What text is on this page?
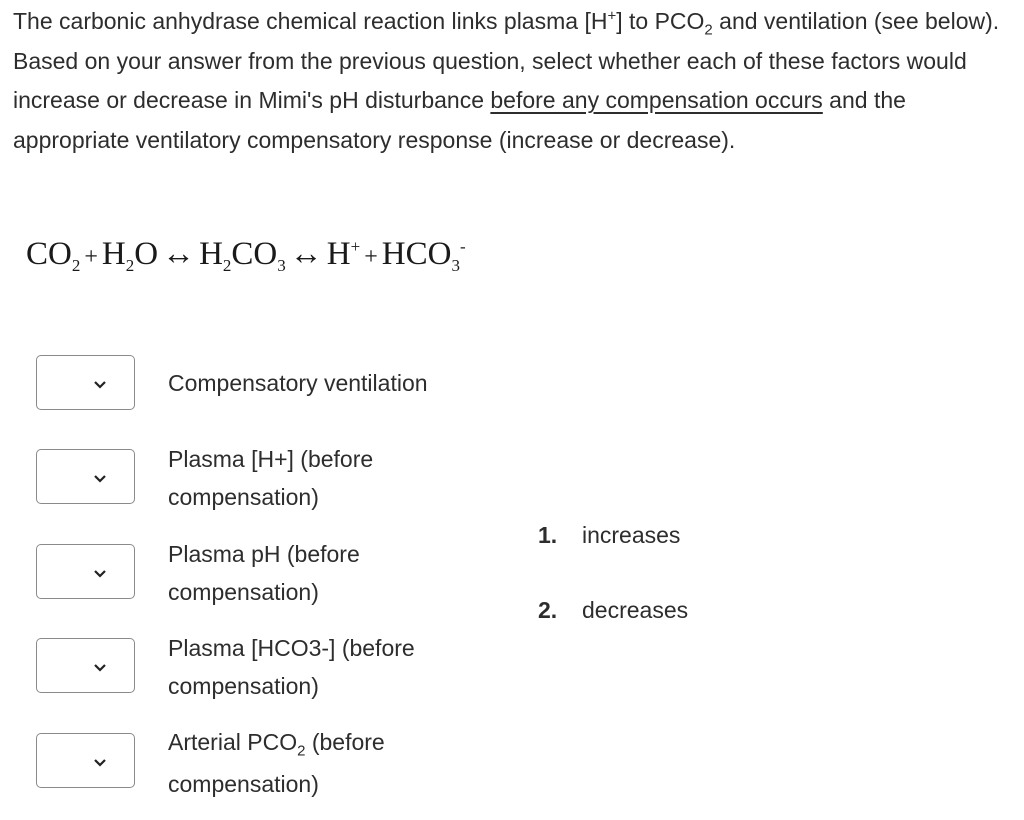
The carbonic anhydrase chemical reaction links plasma [H+] to $PCO_2$ and ventilation (see below). Based on your answer from the previous question, select whether each of these factors would increase or decrease in Mimi's pH disturbance before any compensation occurs and the appropriate ventilatory compensatory response (increase or decrease).
$CO_2 + H_2O$ ↔ $H_2CO_3$ ↔ $H^+ + HCO_3^-$
Compensatory ventilation
Plasma [H+] (before compensation)
Plasma pH (before compensation)
Plasma [HCO3-] (before compensation)
Arterial $PCO_2$ (before compensation)
1. increases
2. decreases
